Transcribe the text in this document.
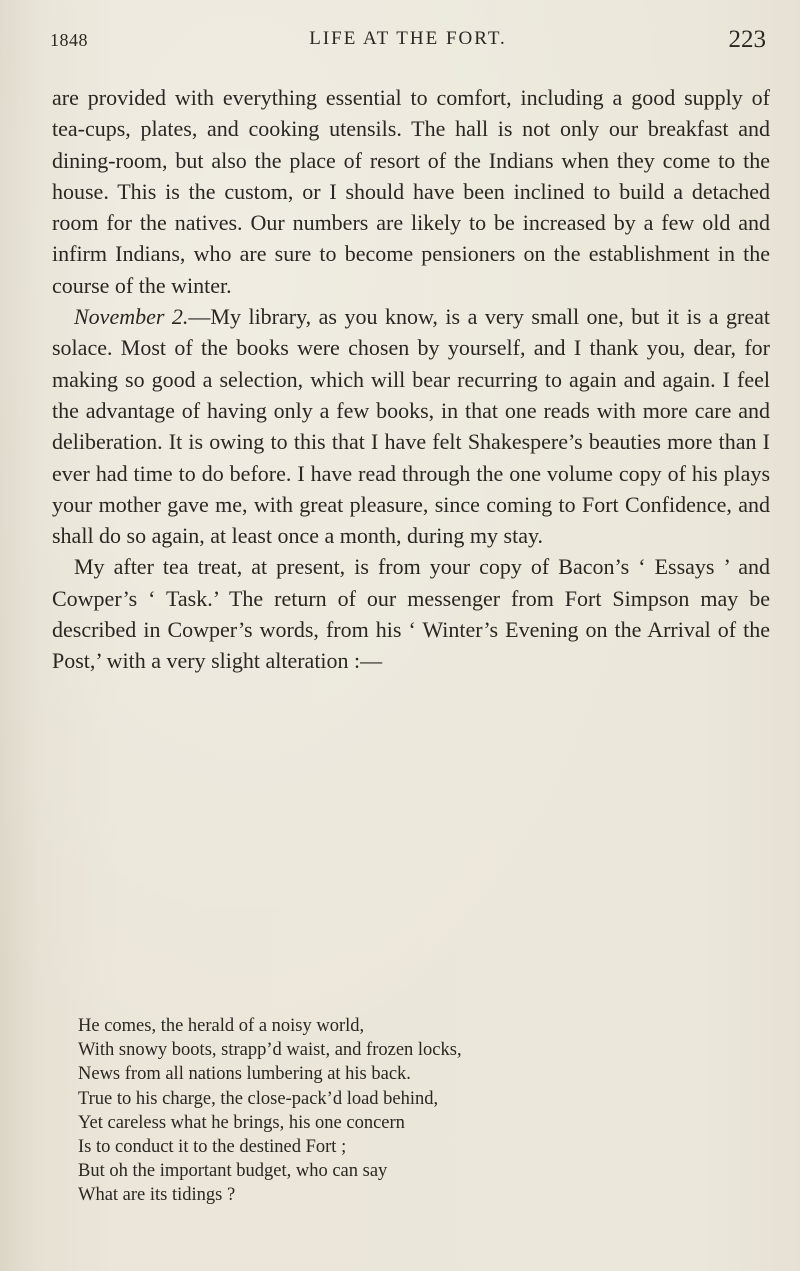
1848	LIFE AT THE FORT.	223

are provided with everything essential to comfort, including a good supply of tea-cups, plates, and cooking utensils. The hall is not only our breakfast and dining-room, but also the place of resort of the Indians when they come to the house. This is the custom, or I should have been inclined to build a detached room for the natives. Our numbers are likely to be increased by a few old and infirm Indians, who are sure to become pensioners on the establishment in the course of the winter.

November 2.—My library, as you know, is a very small one, but it is a great solace. Most of the books were chosen by yourself, and I thank you, dear, for making so good a selection, which will bear recurring to again and again. I feel the advantage of having only a few books, in that one reads with more care and deliberation. It is owing to this that I have felt Shakespere’s beauties more than I ever had time to do before. I have read through the one volume copy of his plays your mother gave me, with great pleasure, since coming to Fort Confidence, and shall do so again, at least once a month, during my stay.

My after tea treat, at present, is from your copy of Bacon’s ‘ Essays ’ and Cowper’s ‘ Task.’ The return of our messenger from Fort Simpson may be described in Cowper’s words, from his ‘ Winter’s Evening on the Arrival of the Post,’ with a very slight alteration :—

He comes, the herald of a noisy world,
With snowy boots, strapp’d waist, and frozen locks,
News from all nations lumbering at his back.
True to his charge, the close-pack’d load behind,
Yet careless what he brings, his one concern
Is to conduct it to the destined Fort ;
But oh the important budget, who can say
What are its tidings ?
